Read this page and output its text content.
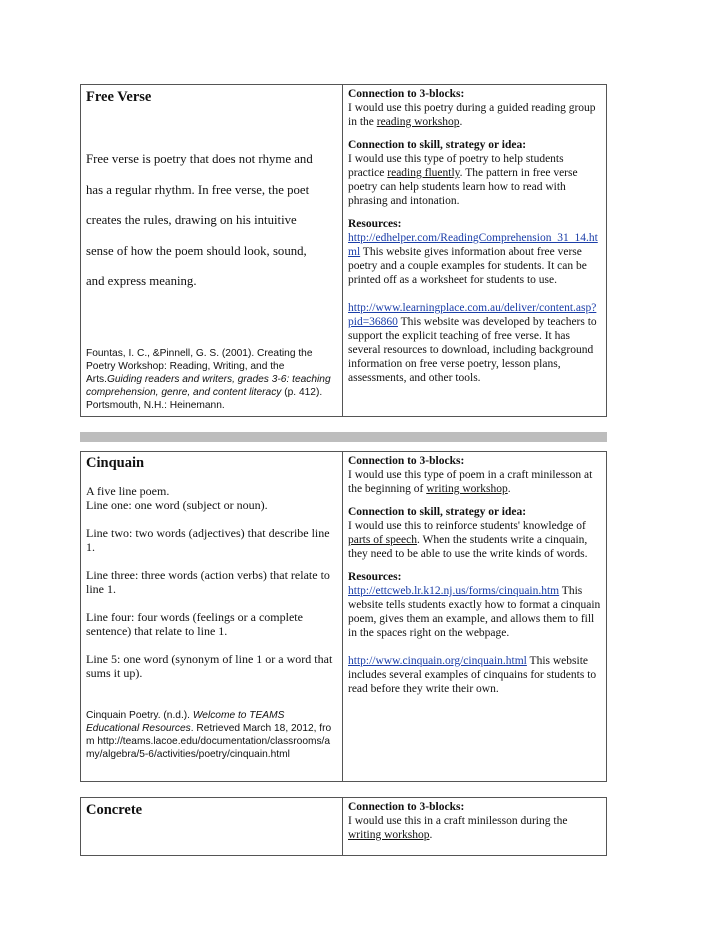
Free Verse

Free verse is poetry that does not rhyme and

has a regular rhythm. In free verse, the poet

creates the rules, drawing on his intuitive

sense of how the poem should look, sound,

and express meaning.

Fountas, I. C., &Pinnell, G. S. (2001). Creating the Poetry Workshop: Reading, Writing, and the Arts.Guiding readers and writers, grades 3-6: teaching comprehension, genre, and content literacy (p. 412). Portsmouth, N.H.: Heinemann.

Connection to 3-blocks:

I would use this poetry during a guided reading group in the reading workshop.

Connection to skill, strategy or idea:

I would use this type of poetry to help students practice reading fluently. The pattern in free verse poetry can help students learn how to read with phrasing and intonation.

Resources:

http://edhelper.com/ReadingComprehension_31_14.html This website gives information about free verse poetry and a couple examples for students. It can be printed off as a worksheet for students to use.

http://www.learningplace.com.au/deliver/content.asp?pid=36860 This website was developed by teachers to support the explicit teaching of free verse. It has several resources to download, including background information on free verse poetry, lesson plans, assessments, and other tools.

Cinquain

A five line poem.

Line one: one word (subject or noun).

Line two: two words (adjectives) that describe line 1.

Line three: three words (action verbs) that relate to line 1.

Line four: four words (feelings or a complete sentence) that relate to line 1.

Line 5: one word (synonym of line 1 or a word that sums it up).

Cinquain Poetry. (n.d.). Welcome to TEAMS Educational Resources. Retrieved March 18, 2012, from http://teams.lacoe.edu/documentation/classrooms/amy/algebra/5-6/activities/poetry/cinquain.html

Connection to 3-blocks:

I would use this type of poem in a craft minilesson at the beginning of writing workshop.

Connection to skill, strategy or idea:

I would use this to reinforce students' knowledge of parts of speech. When the students write a cinquain, they need to be able to use the write kinds of words.

Resources:

http://ettcweb.lr.k12.nj.us/forms/cinquain.htm This website tells students exactly how to format a cinquain poem, gives them an example, and allows them to fill in the spaces right on the webpage.

http://www.cinquain.org/cinquain.html This website includes several examples of cinquains for students to read before they write their own.

Concrete	Connection to 3-blocks:

I would use this in a craft minilesson during the writing workshop.
